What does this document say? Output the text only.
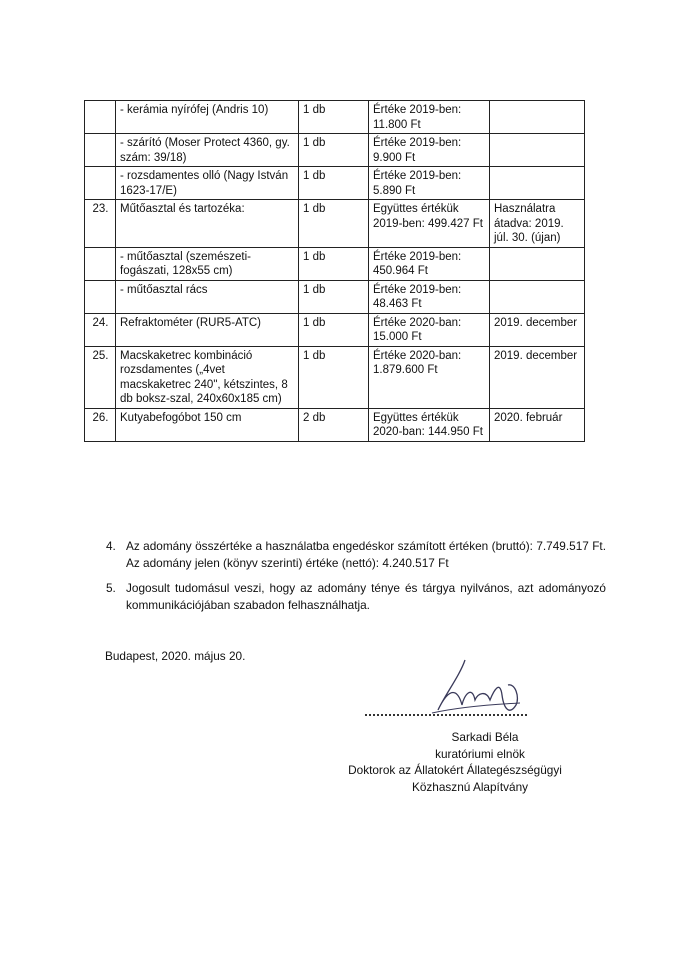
	- kerámia nyírófej (Andris 10)	1 db	Értéke 2019-ben: 11.800 Ft	
	- szárító (Moser Protect 4360, gy. szám: 39/18)	1 db	Értéke 2019-ben: 9.900 Ft	
	- rozsdamentes olló (Nagy István 1623-17/E)	1 db	Értéke 2019-ben: 5.890 Ft	
23.	Műtőasztal és tartozéka:	1 db	Együttes értékük 2019-ben: 499.427 Ft	Használatra átadva: 2019. júl. 30. (újan)
	- műtőasztal (szemészeti-fogászati, 128x55 cm)	1 db	Értéke 2019-ben: 450.964 Ft	
	- műtőasztal rács	1 db	Értéke 2019-ben: 48.463 Ft	
24.	Refraktométer (RUR5-ATC)	1 db	Értéke 2020-ban: 15.000 Ft	2019. december
25.	Macskaketrec kombináció rozsdamentes („4vet macskaketrec 240", kétszintes, 8 db boksz-szal, 240x60x185 cm)	1 db	Értéke 2020-ban: 1.879.600 Ft	2019. december
26.	Kutyabefogóbot 150 cm	2 db	Együttes értékük 2020-ban: 144.950 Ft	2020. február
4. Az adomány összértéke a használatba engedéskor számított értéken (bruttó): 7.749.517 Ft. Az adomány jelen (könyv szerinti) értéke (nettó): 4.240.517 Ft
5. Jogosult tudomásul veszi, hogy az adomány ténye és tárgya nyilvános, azt adományozó kommunikációjában szabadon felhasználhatja.
Budapest, 2020. május 20.
Sarkadi Béla
kuratóriumi elnök
Doktorok az Állatokért Állategészségügyi
Közhasznú Alapítvány
